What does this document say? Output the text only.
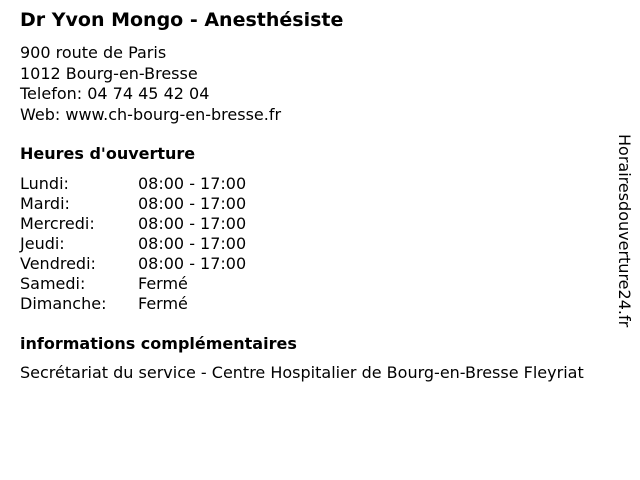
Dr Yvon Mongo - Anesthésiste
900 route de Paris
1012 Bourg-en-Bresse
Telefon: 04 74 45 42 04
Web: www.ch-bourg-en-bresse.fr
Heures d'ouverture
Lundi:	08:00 - 17:00
Mardi:	08:00 - 17:00
Mercredi:	08:00 - 17:00
Jeudi:	08:00 - 17:00
Vendredi:	08:00 - 17:00
Samedi:	Fermé
Dimanche:	Fermé
informations complémentaires
Secrétariat du service - Centre Hospitalier de Bourg-en-Bresse Fleyriat
Horairesdouverture24.fr
